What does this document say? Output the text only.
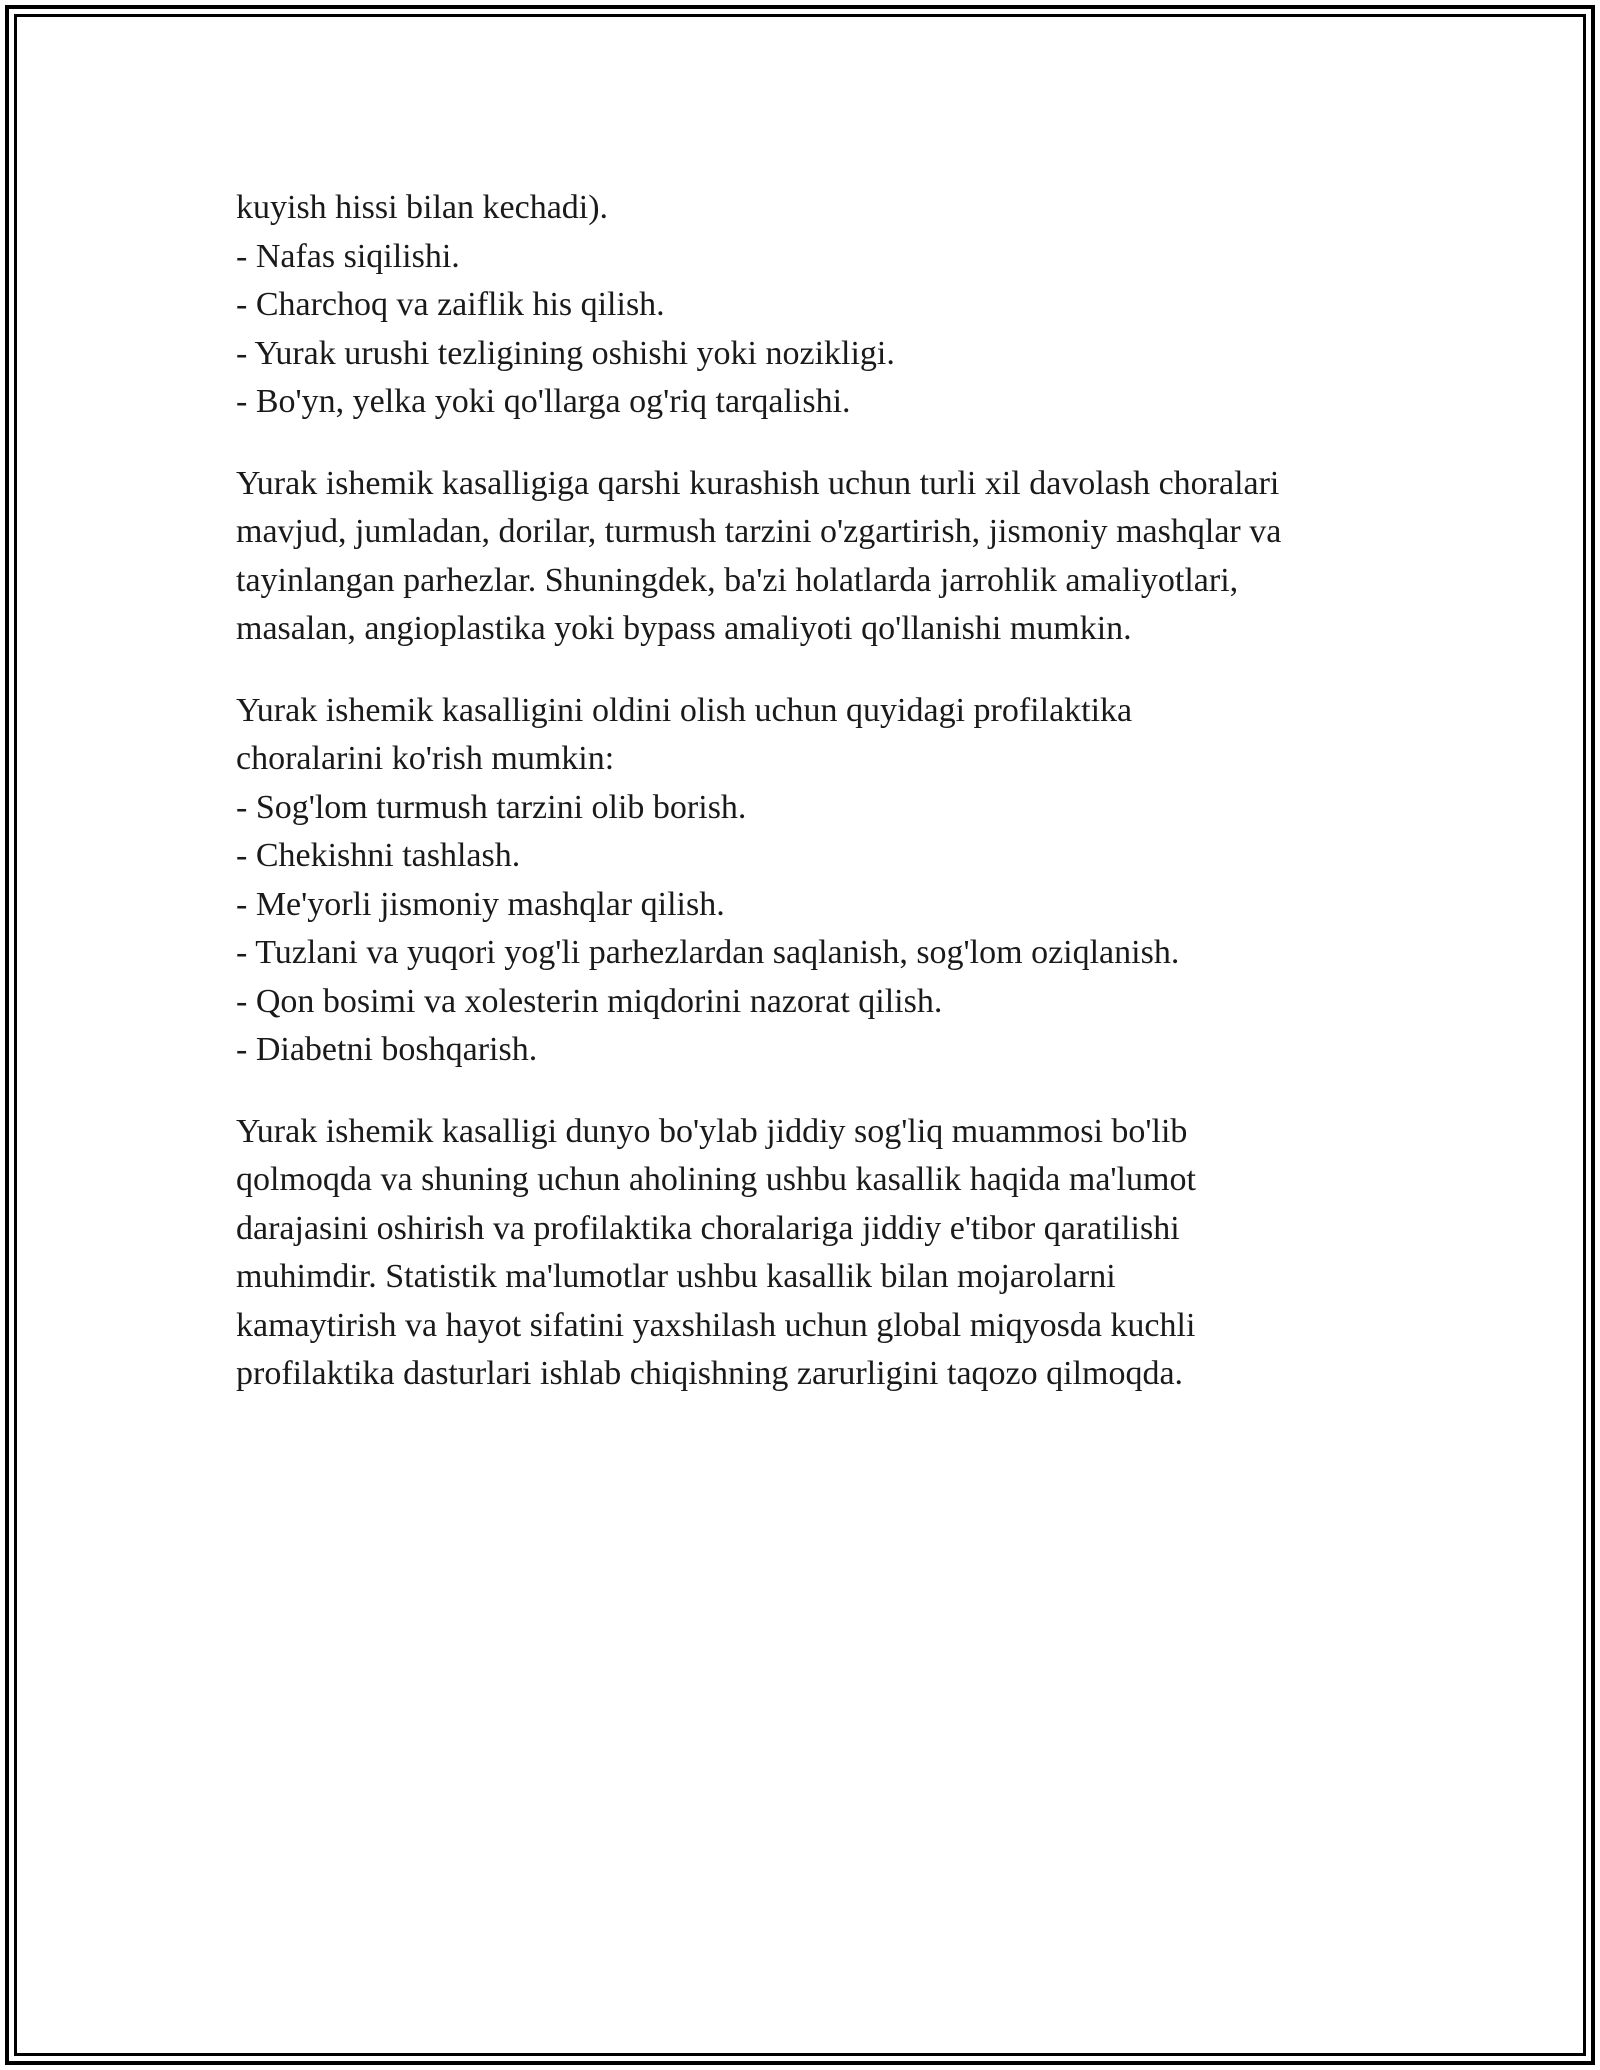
kuyish hissi bilan kechadi).
- Nafas siqilishi.
- Charchoq va zaiflik his qilish.
- Yurak urushi tezligining oshishi yoki nozikligi.
- Bo'yn, yelka yoki qo'llarga og'riq tarqalishi.
Yurak ishemik kasalligiga qarshi kurashish uchun turli xil davolash choralari
mavjud, jumladan, dorilar, turmush tarzini o'zgartirish, jismoniy mashqlar va
tayinlangan parhezlar. Shuningdek, ba'zi holatlarda jarrohlik amaliyotlari,
masalan, angioplastika yoki bypass amaliyoti qo'llanishi mumkin.
Yurak ishemik kasalligini oldini olish uchun quyidagi profilaktika
choralarini ko'rish mumkin:
- Sog'lom turmush tarzini olib borish.
- Chekishni tashlash.
- Me'yorli jismoniy mashqlar qilish.
- Tuzlani va yuqori yog'li parhezlardan saqlanish, sog'lom oziqlanish.
- Qon bosimi va xolesterin miqdorini nazorat qilish.
- Diabetni boshqarish.
Yurak ishemik kasalligi dunyo bo'ylab jiddiy sog'liq muammosi bo'lib
qolmoqda va shuning uchun aholining ushbu kasallik haqida ma'lumot
darajasini oshirish va profilaktika choralariga jiddiy e'tibor qaratilishi
muhimdir. Statistik ma'lumotlar ushbu kasallik bilan mojarolarni
kamaytirish va hayot sifatini yaxshilash uchun global miqyosda kuchli
profilaktika dasturlari ishlab chiqishning zarurligini taqozo qilmoqda.
